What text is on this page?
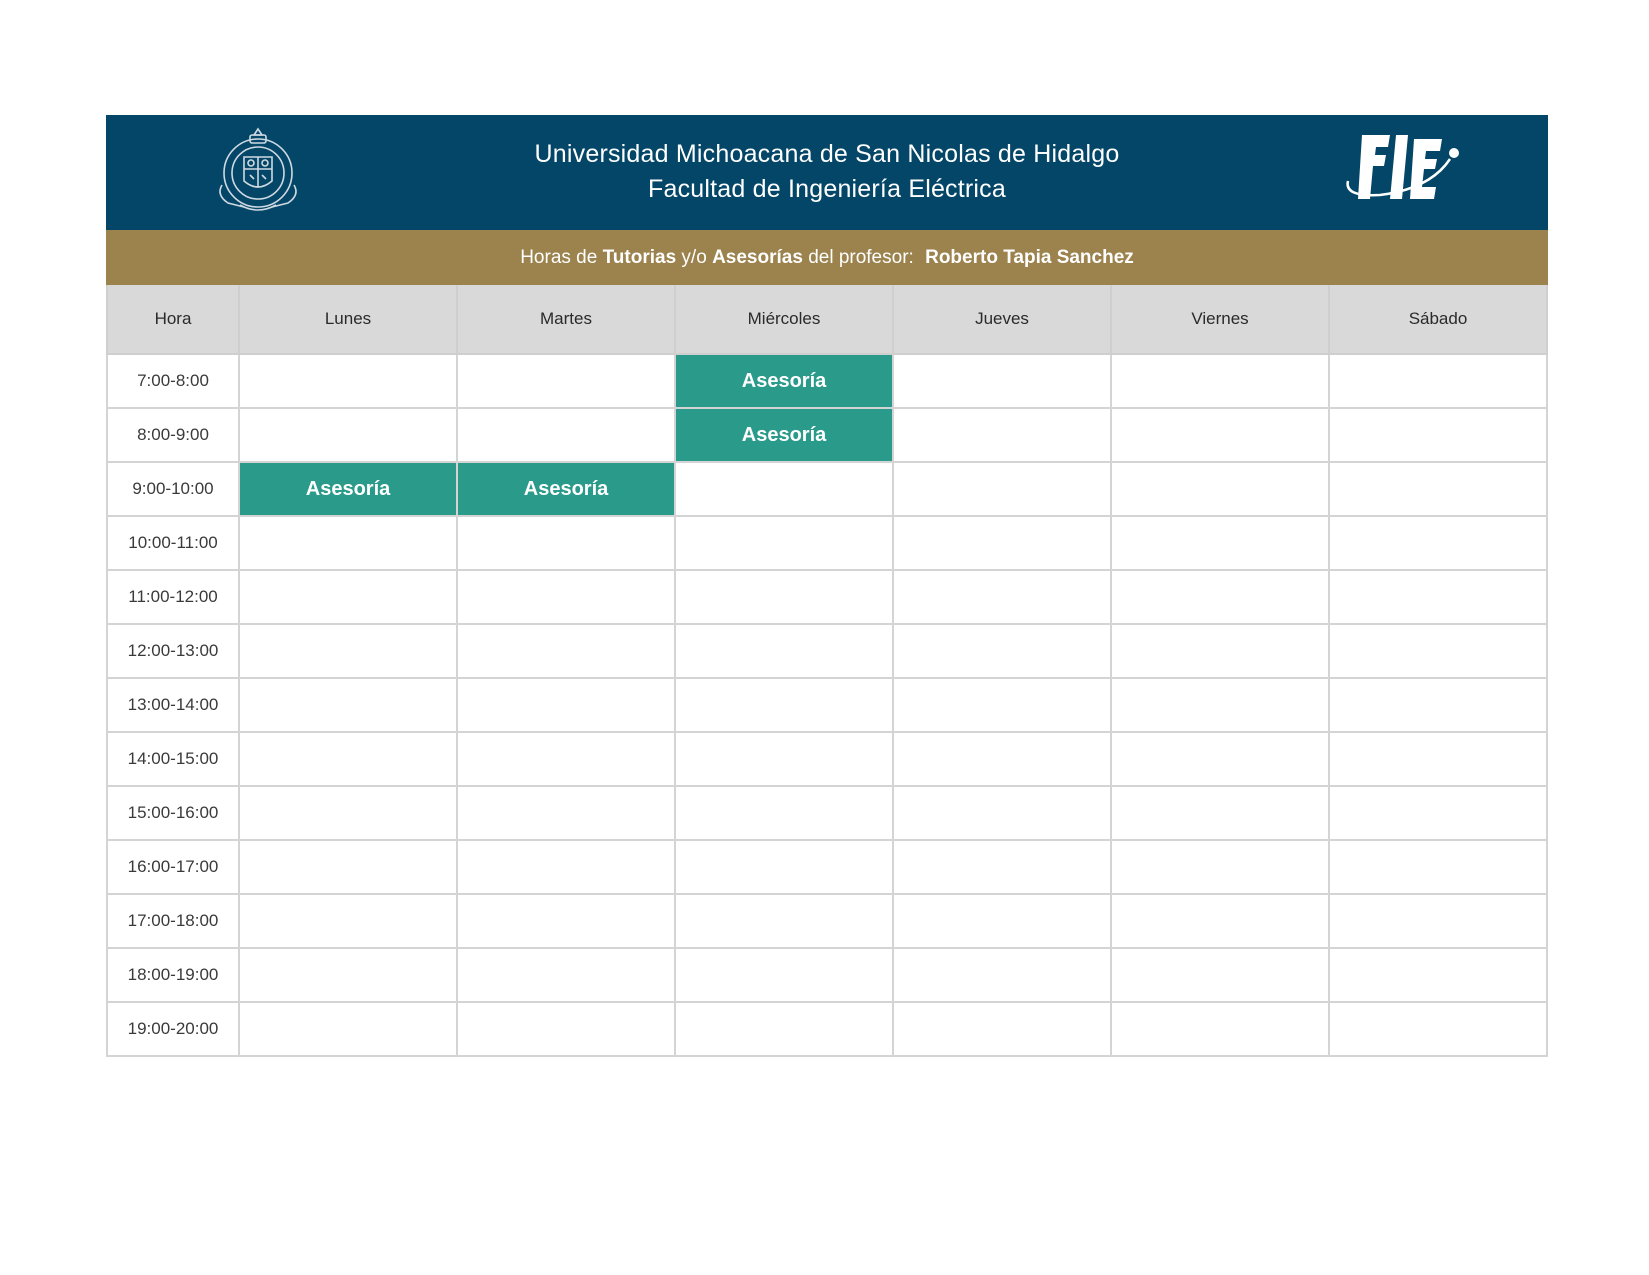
Universidad Michoacana de San Nicolas de Hidalgo
Facultad de Ingeniería Eléctrica
Horas de Tutorias y/o Asesorías del profesor: Roberto Tapia Sanchez
Hora	Lunes	Martes	Miércoles	Jueves	Viernes	Sábado
7:00-8:00			Asesoría			
8:00-9:00			Asesoría			
9:00-10:00	Asesoría	Asesoría				
10:00-11:00						
11:00-12:00						
12:00-13:00						
13:00-14:00						
14:00-15:00						
15:00-16:00						
16:00-17:00						
17:00-18:00						
18:00-19:00						
19:00-20:00						
